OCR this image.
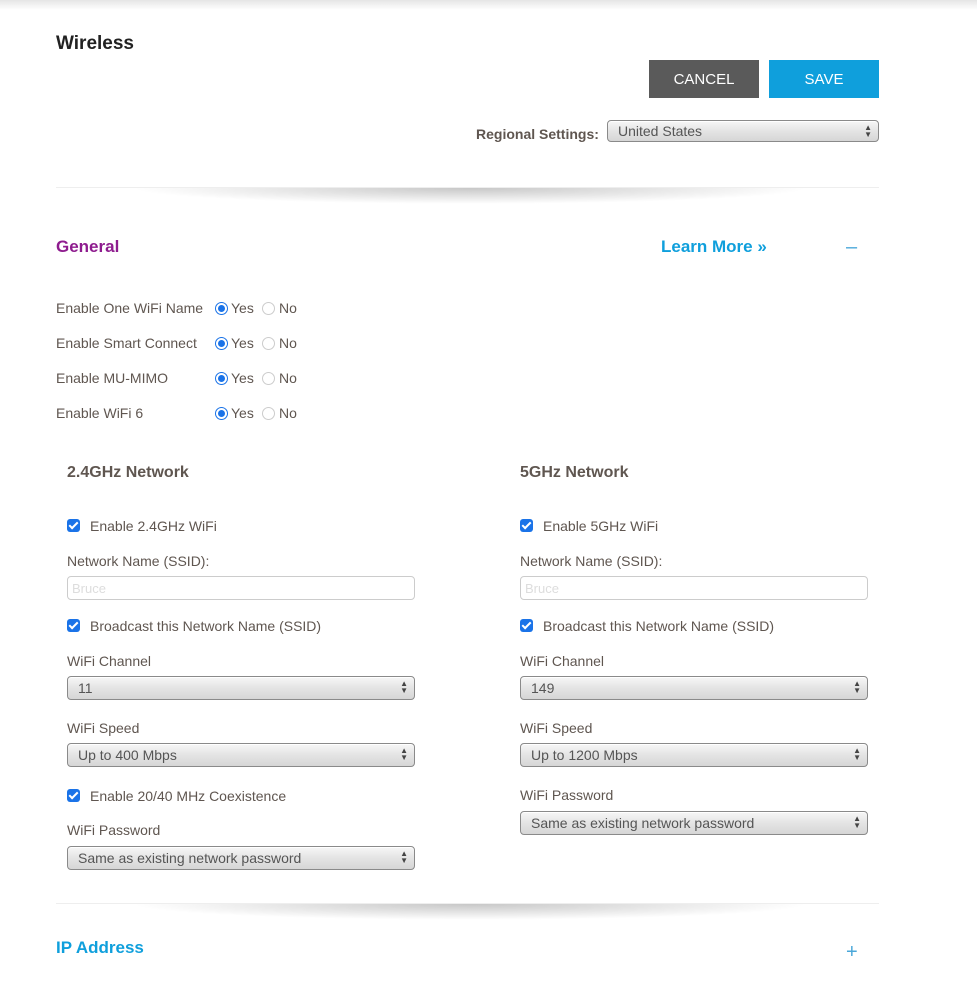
Wireless
CANCEL	SAVE
Regional Settings:	United States	▲
▼
General	Learn More »	–
Enable One WiFi Name Yes No
Enable Smart Connect Yes No
Enable MU-MIMO	Yes No
Enable WiFi 6	Yes No
2.4GHz Network
Enable 2.4GHz WiFi
Network Name (SSID):
Bruce
Broadcast this Network Name (SSID)
WiFi Channel
11	▲
▼
WiFi Speed
Up to 400 Mbps	▲
▼
Enable 20/40 MHz Coexistence
WiFi Password
Same as existing network password	▲
▼
5GHz Network
Enable 5GHz WiFi
Network Name (SSID):
Bruce
Broadcast this Network Name (SSID)
WiFi Channel
149	▲
▼
WiFi Speed
Up to 1200 Mbps	▲
▼
WiFi Password
Same as existing network password	▲
▼
IP Address	+
